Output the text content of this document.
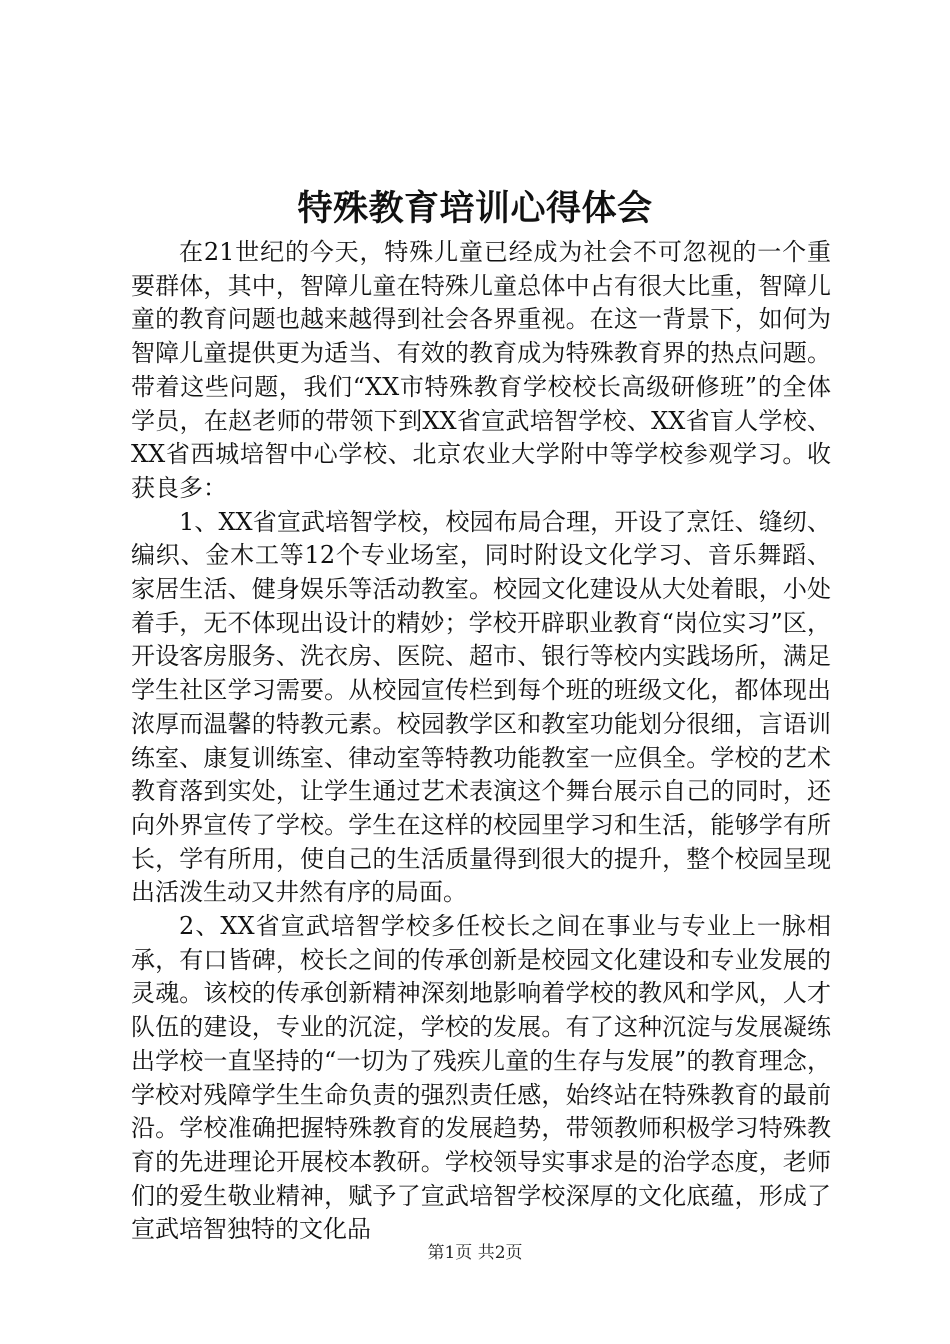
特殊教育培训心得体会

在21世纪的今天，特殊儿童已经成为社会不可忽视的一个重要群体，其中，智障儿童在特殊儿童总体中占有很大比重，智障儿童的教育问题也越来越得到社会各界重视。在这一背景下，如何为智障儿童提供更为适当、有效的教育成为特殊教育界的热点问题。带着这些问题，我们“XX市特殊教育学校校长高级研修班”的全体学员，在赵老师的带领下到XX省宣武培智学校、XX省盲人学校、XX省西城培智中心学校、北京农业大学附中等学校参观学习。收获良多：

1、XX省宣武培智学校，校园布局合理，开设了烹饪、缝纫、编织、金木工等12个专业场室，同时附设文化学习、音乐舞蹈、家居生活、健身娱乐等活动教室。校园文化建设从大处着眼，小处着手，无不体现出设计的精妙；学校开辟职业教育“岗位实习”区，开设客房服务、洗衣房、医院、超市、银行等校内实践场所，满足学生社区学习需要。从校园宣传栏到每个班的班级文化，都体现出浓厚而温馨的特教元素。校园教学区和教室功能划分很细，言语训练室、康复训练室、律动室等特教功能教室一应俱全。学校的艺术教育落到实处，让学生通过艺术表演这个舞台展示自己的同时，还向外界宣传了学校。学生在这样的校园里学习和生活，能够学有所长，学有所用，使自己的生活质量得到很大的提升，整个校园呈现出活泼生动又井然有序的局面。

2、XX省宣武培智学校多任校长之间在事业与专业上一脉相承，有口皆碑，校长之间的传承创新是校园文化建设和专业发展的灵魂。该校的传承创新精神深刻地影响着学校的教风和学风，人才队伍的建设，专业的沉淀，学校的发展。有了这种沉淀与发展凝练出学校一直坚持的“一切为了残疾儿童的生存与发展”的教育理念，学校对残障学生生命负责的强烈责任感，始终站在特殊教育的最前沿。学校准确把握特殊教育的发展趋势，带领教师积极学习特殊教育的先进理论开展校本教研。学校领导实事求是的治学态度，老师们的爱生敬业精神，赋予了宣武培智学校深厚的文化底蕴，形成了宣武培智独特的文化品

第1页 共2页
